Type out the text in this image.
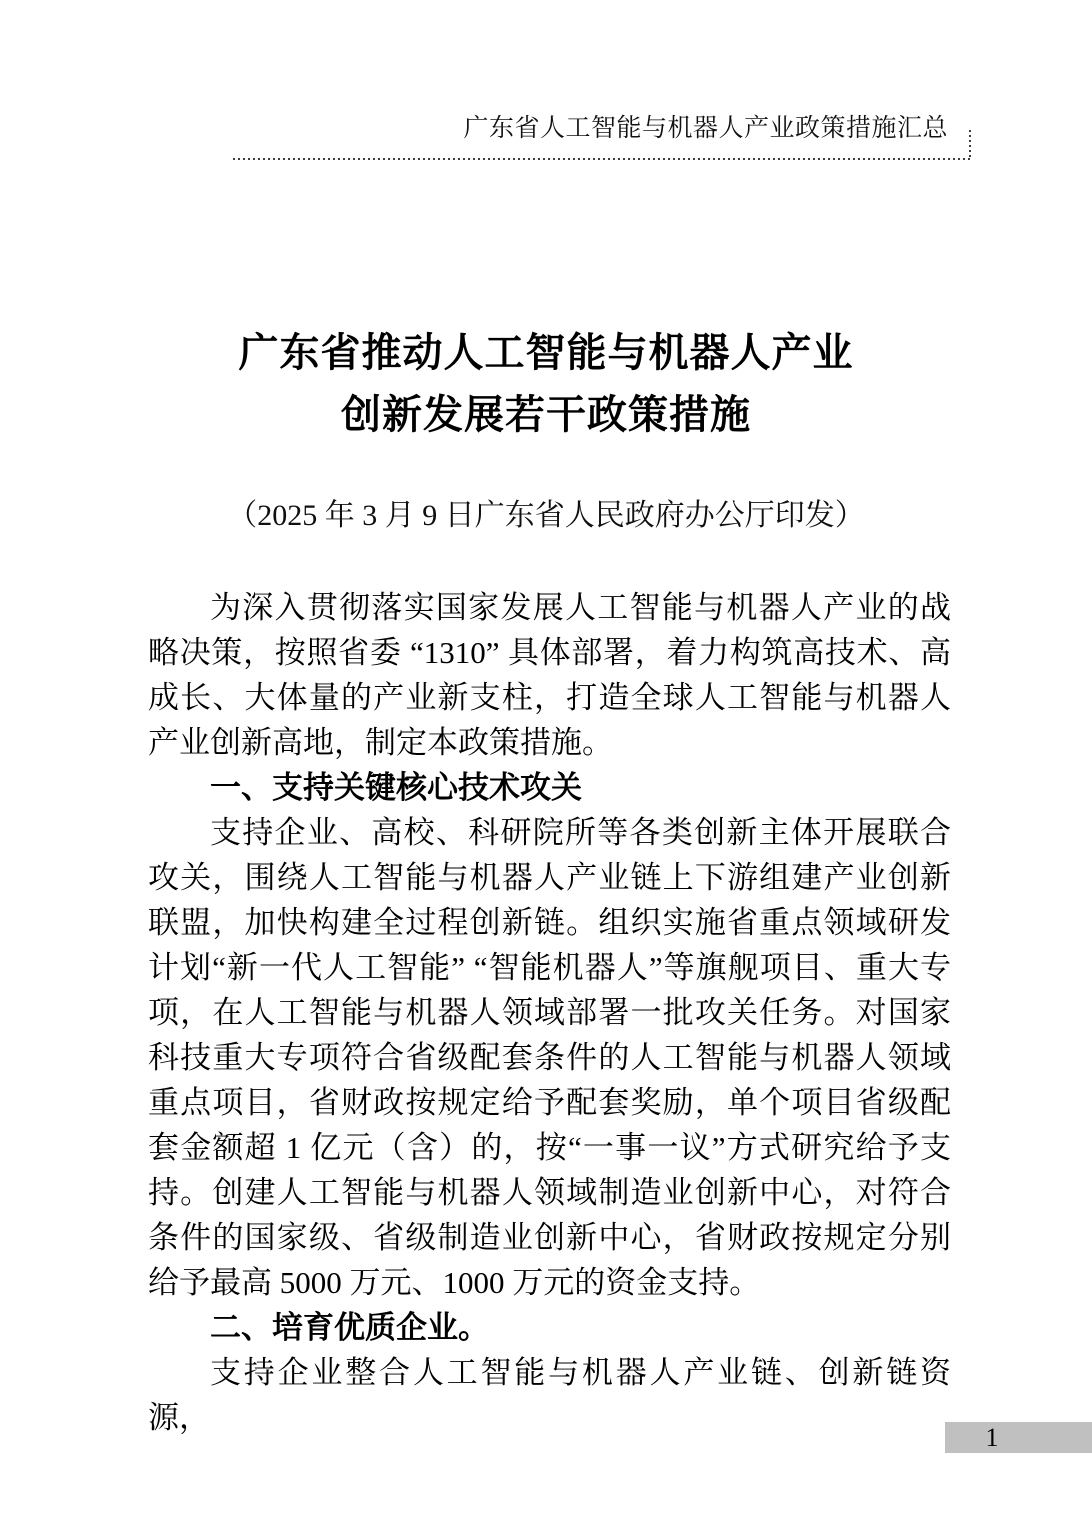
广东省人工智能与机器人产业政策措施汇总
广东省推动人工智能与机器人产业
创新发展若干政策措施
（2025 年 3 月 9 日广东省人民政府办公厅印发）

为深入贯彻落实国家发展人工智能与机器人产业的战略决策，按照省委 “1310” 具体部署，着力构筑高技术、高成长、大体量的产业新支柱，打造全球人工智能与机器人产业创新高地，制定本政策措施。

一、支持关键核心技术攻关

支持企业、高校、科研院所等各类创新主体开展联合攻关，围绕人工智能与机器人产业链上下游组建产业创新联盟，加快构建全过程创新链。组织实施省重点领域研发计划“新一代人工智能” “智能机器人”等旗舰项目、重大专项，在人工智能与机器人领域部署一批攻关任务。对国家科技重大专项符合省级配套条件的人工智能与机器人领域重点项目，省财政按规定给予配套奖励，单个项目省级配套金额超 1 亿元（含）的，按“一事一议”方式研究给予支持。创建人工智能与机器人领域制造业创新中心，对符合条件的国家级、省级制造业创新中心，省财政按规定分别给予最高 5000 万元、1000 万元的资金支持。

二、培育优质企业。

支持企业整合人工智能与机器人产业链、创新链资源，

1
